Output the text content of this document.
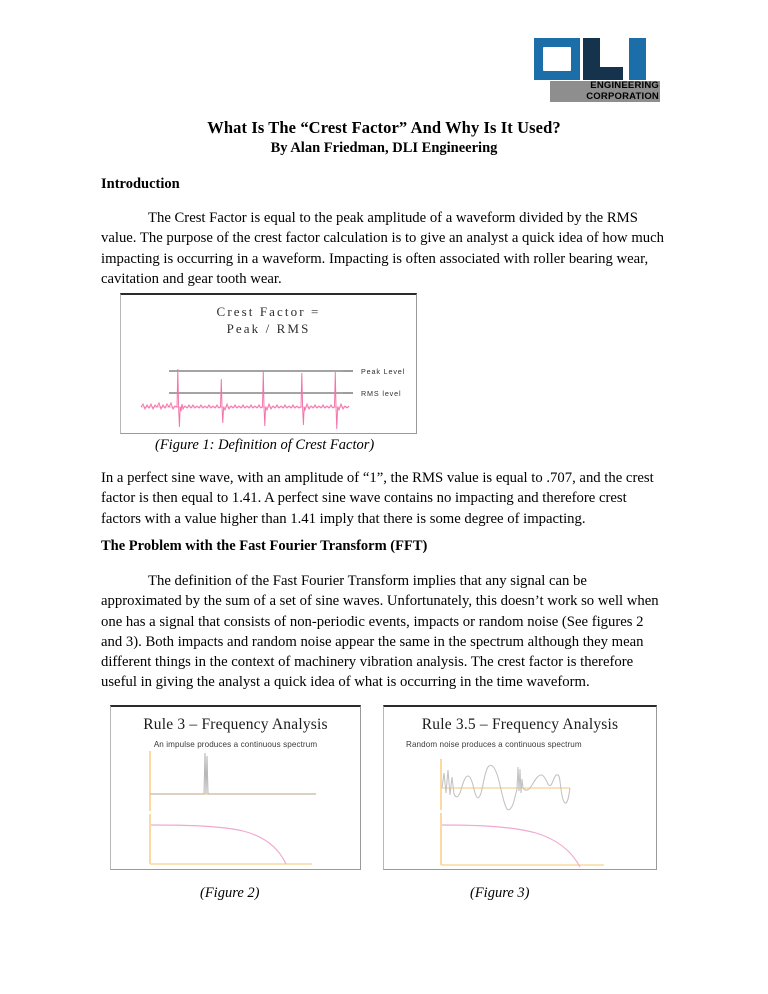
ENGINEERING
CORPORATION
What Is The “Crest Factor” And Why Is It Used?
By Alan Friedman, DLI Engineering
Introduction
The Crest Factor is equal to the peak amplitude of a waveform divided by the RMS value. The purpose of the crest factor calculation is to give an analyst a quick idea of how much impacting is occurring in a waveform. Impacting is often associated with roller bearing wear, cavitation and gear tooth wear.
Crest Factor =
Peak / RMS
Peak Level
RMS level
(Figure 1: Definition of Crest Factor)
In a perfect sine wave, with an amplitude of “1”, the RMS value is equal to .707, and the crest factor is then equal to 1.41. A perfect sine wave contains no impacting and therefore crest factors with a value higher than 1.41 imply that there is some degree of impacting.
The Problem with the Fast Fourier Transform (FFT)
The definition of the Fast Fourier Transform implies that any signal can be approximated by the sum of a set of sine waves. Unfortunately, this doesn’t work so well when one has a signal that consists of non-periodic events, impacts or random noise (See figures 2 and 3). Both impacts and random noise appear the same in the spectrum although they mean different things in the context of machinery vibration analysis. The crest factor is therefore useful in giving the analyst a quick idea of what is occurring in the time waveform.
Rule 3 – Frequency Analysis
An impulse produces a continuous spectrum
Rule 3.5 – Frequency Analysis
Random noise produces a continuous spectrum
(Figure 2)	(Figure 3)
